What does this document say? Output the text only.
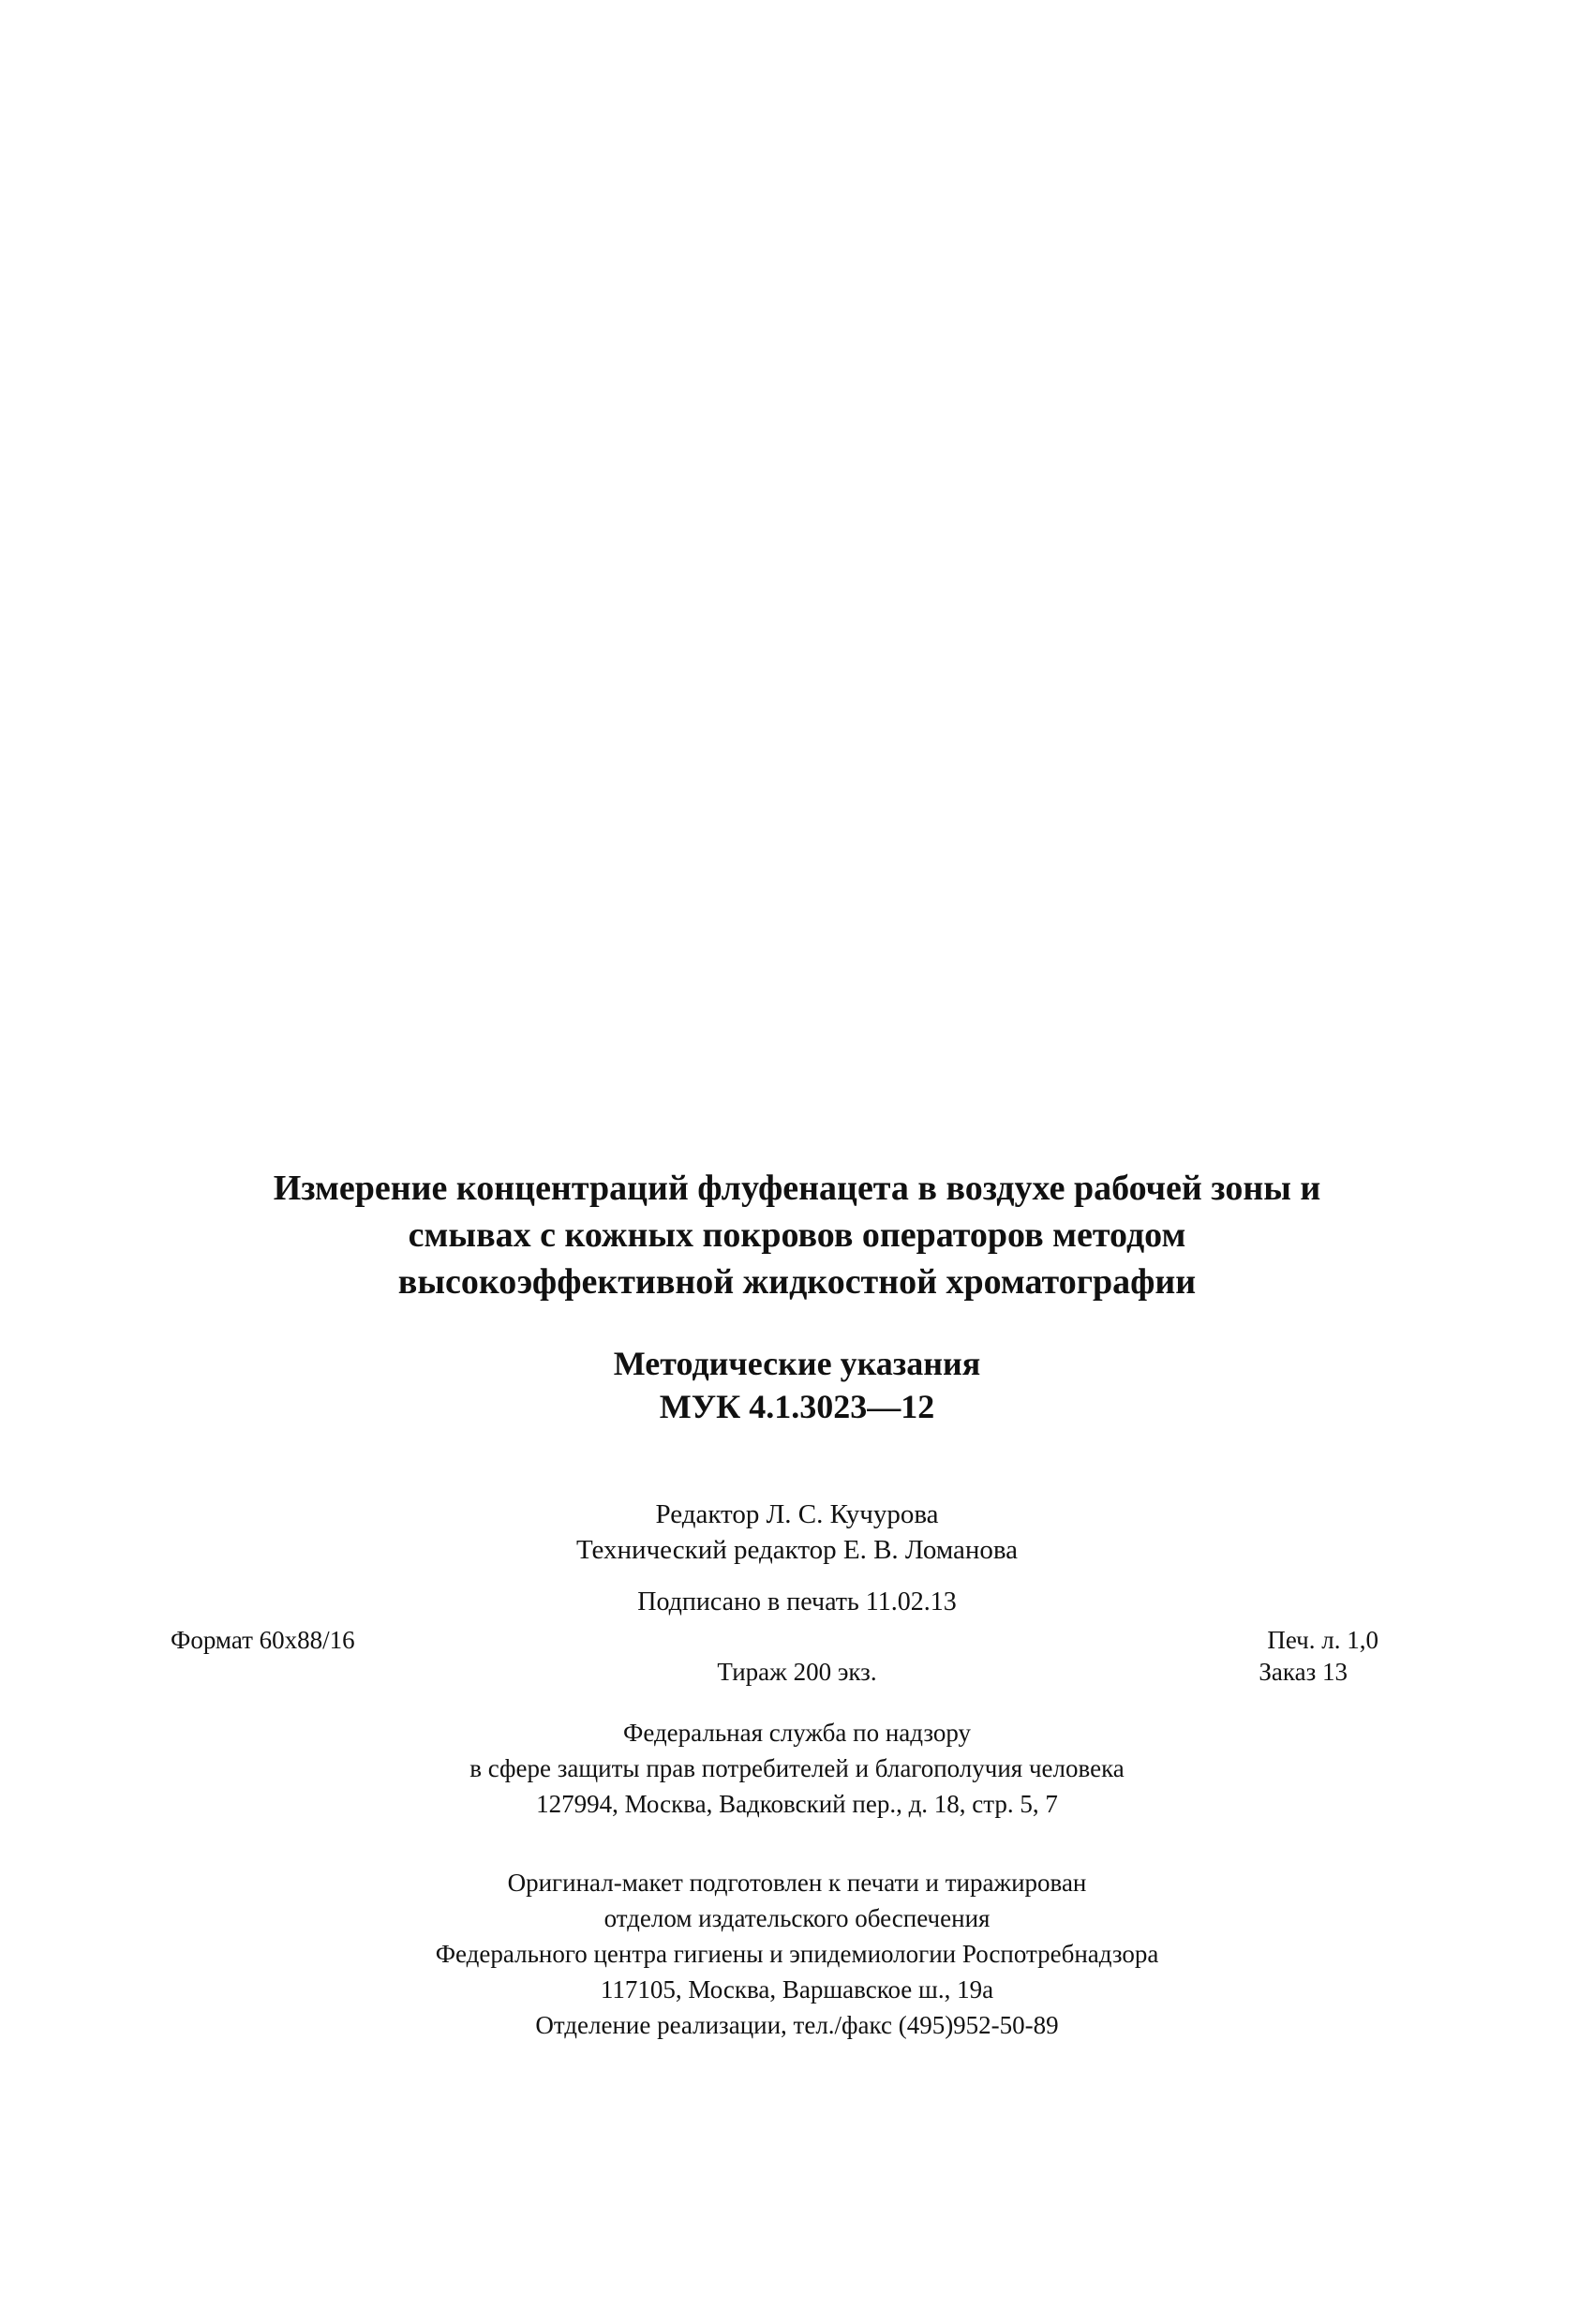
Измерение концентраций флуфенацета в воздухе рабочей зоны и
смывах с кожных покровов операторов методом
высокоэффективной жидкостной хроматографии
Методические указания
МУК 4.1.3023—12
Редактор Л. С. Кучурова
Технический редактор Е. В. Ломанова
Подписано в печать 11.02.13
Формат 60х88/16	Печ. л. 1,0
Тираж 200 экз.	Заказ 13
Федеральная служба по надзору
в сфере защиты прав потребителей и благополучия человека
127994, Москва, Вадковский пер., д. 18, стр. 5, 7
Оригинал-макет подготовлен к печати и тиражирован
отделом издательского обеспечения
Федерального центра гигиены и эпидемиологии Роспотребнадзора
117105, Москва, Варшавское ш., 19а
Отделение реализации, тел./факс (495)952-50-89
